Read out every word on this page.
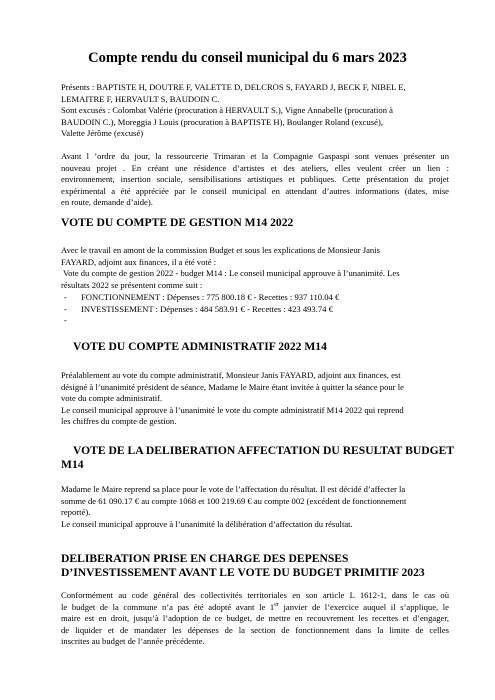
Compte rendu du conseil municipal du 6 mars 2023
Présents : BAPTISTE H, DOUTRE F, VALETTE D, DELCROS S, FAYARD J, BECK F, NIBEL E,
LEMAITRE F, HERVAULT S, BAUDOIN C.
Sont excusés : Colombat Valérie (procuration à HERVAULT S.), Vigne Annabelle (procuration à
BAUDOIN C.), Moreggia J Louis (procuration à BAPTISTE H), Boulanger Roland (excusé),
Valette Jérôme (excusé)
Avant l ’ordre du jour, la ressourcerie Trimaran et la Compagnie Gaspaspi sont venues présenter un
nouveau projet . En créant une résidence d’artistes et des ateliers, elles veulent créer un lien :
environnement, insertion sociale, sensibilisations artistiques et publiques. Cette présentation du projet
expérimental a été appréciée par le conseil municipal en attendant d’autres informations (dates, mise
en route, demande d’aide).
VOTE DU COMPTE DE GESTION M14 2022
Avec le travail en amont de la commission Budget et sous les explications de Monsieur Janis
FAYARD, adjoint aux finances, il a été voté :
Vote du compte de gestion 2022 - budget M14 : Le conseil municipal approuve à l’unanimité. Les
résultats 2022 se présentent comme suit :
- FONCTIONNEMENT : Dépenses : 775 800.18 € - Recettes : 937 110.04 €
- INVESTISSEMENT : Dépenses : 484 583.91 € - Recettes : 423 493.74 €
-
VOTE DU COMPTE ADMINISTRATIF 2022 M14
Préalablement au vote du compte administratif, Monsieur Janis FAYARD, adjoint aux finances, est
désigné à l’unanimité président de séance, Madame le Maire étant invitée à quitter la séance pour le
vote du compte administratif.
Le conseil municipal approuve à l’unanimité le vote du compte administratif M14 2022 qui reprend
les chiffres du compte de gestion.
VOTE DE LA DELIBERATION AFFECTATION DU RESULTAT BUDGET
M14
Madame le Maire reprend sa place pour le vote de l’affectation du résultat. Il est décidé d’affecter la
somme de 61 090.17 € au compte 1068 et 100 219.69 € au compte 002 (excédent de fonctionnement
reporté).
Le conseil municipal approuve à l’unanimité la délibération d’affectation du résultat.
DELIBERATION PRISE EN CHARGE DES DEPENSES
D’INVESTISSEMENT AVANT LE VOTE DU BUDGET PRIMITIF 2023
Conformément au code général des collectivités territoriales en son article L 1612-1, dans le cas où
le budget de la commune n’a pas été adopté avant le 1er janvier de l’exercice auquel il s’applique, le
maire est en droit, jusqu’à l’adoption de ce budget, de mettre en recouvrement les recettes et d’engager,
de liquider et de mandater les dépenses de la section de fonctionnement dans la limite de celles
inscrites au budget de l’année précédente.
